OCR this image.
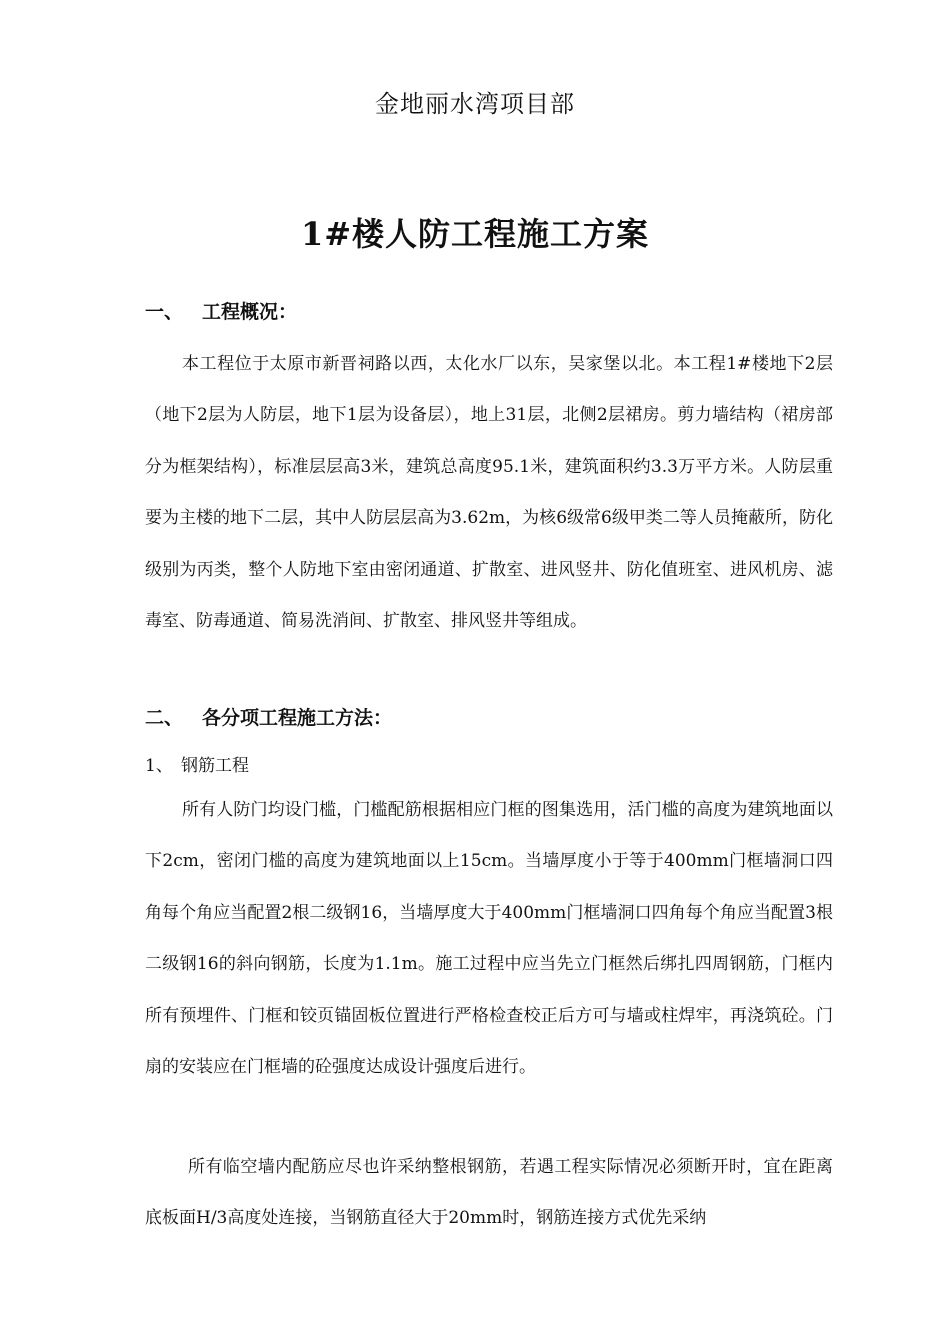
金地丽水湾项目部
1#楼人防工程施工方案
一、 工程概况：

本工程位于太原市新晋祠路以西，太化水厂以东，吴家堡以北。本工程1#楼地下2层（地下2层为人防层，地下1层为设备层），地上31层，北侧2层裙房。剪力墙结构（裙房部分为框架结构），标准层层高3米，建筑总高度95.1米，建筑面积约3.3万平方米。人防层重要为主楼的地下二层，其中人防层层高为3.62m，为核6级常6级甲类二等人员掩蔽所，防化级别为丙类，整个人防地下室由密闭通道、扩散室、进风竖井、防化值班室、进风机房、滤毒室、防毒通道、简易洗消间、扩散室、排风竖井等组成。

二、 各分项工程施工方法：
1、 钢筋工程

所有人防门均设门槛，门槛配筋根据相应门框的图集选用，活门槛的高度为建筑地面以下2cm，密闭门槛的高度为建筑地面以上15cm。当墙厚度小于等于400mm门框墙洞口四角每个角应当配置2根二级钢16，当墙厚度大于400mm门框墙洞口四角每个角应当配置3根二级钢16的斜向钢筋，长度为1.1m。施工过程中应当先立门框然后绑扎四周钢筋，门框内所有预埋件、门框和铰页锚固板位置进行严格检查校正后方可与墙或柱焊牢，再浇筑砼。门扇的安装应在门框墙的砼强度达成设计强度后进行。

所有临空墙内配筋应尽也许采纳整根钢筋，若遇工程实际情况必须断开时，宜在距离底板面H/3高度处连接，当钢筋直径大于20mm时，钢筋连接方式优先采纳
